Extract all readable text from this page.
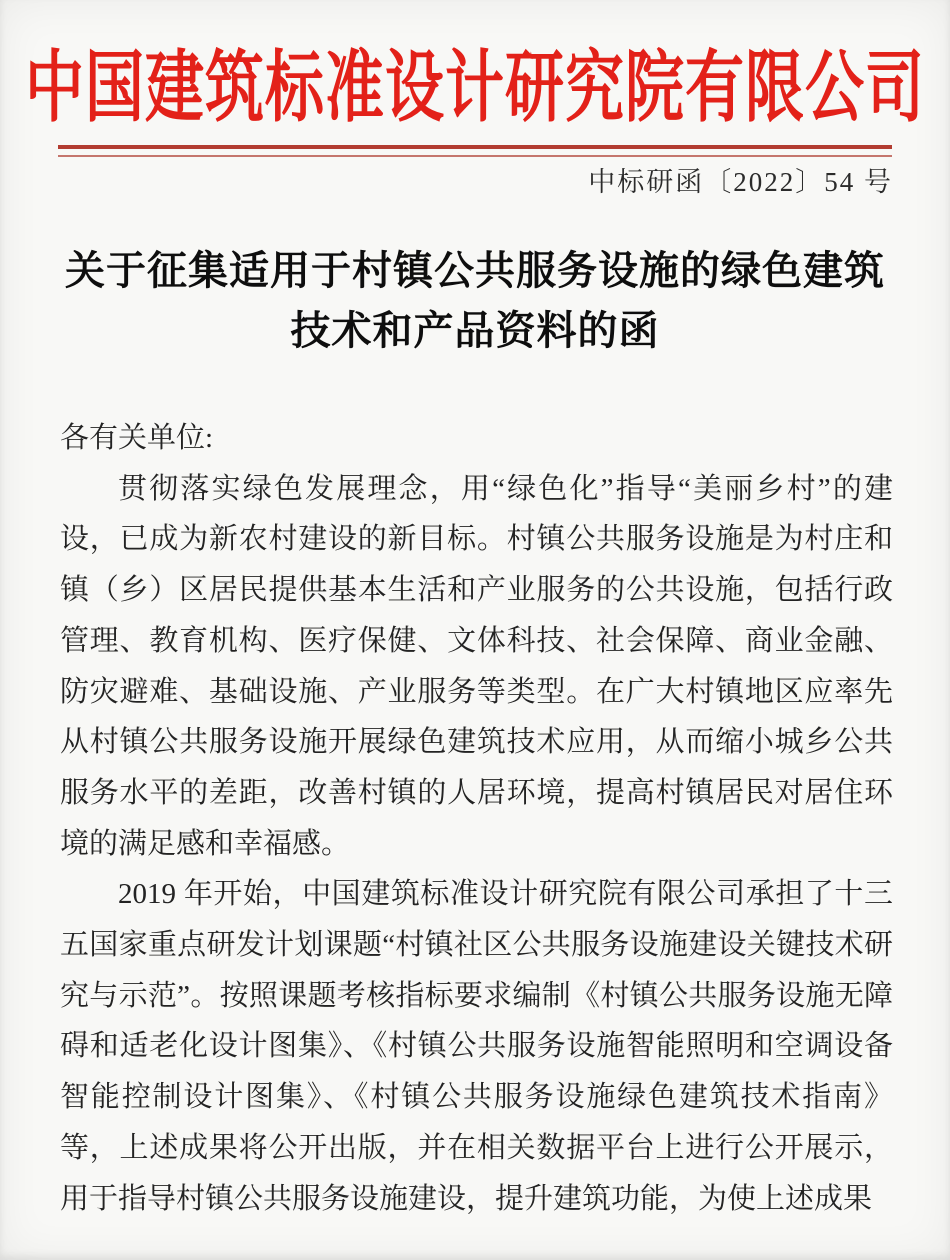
中国建筑标准设计研究院有限公司
中标研函〔2022〕54 号
关于征集适用于村镇公共服务设施的绿色建筑
技术和产品资料的函

各有关单位:

贯彻落实绿色发展理念，用“绿色化”指导“美丽乡村”的建设，已成为新农村建设的新目标。村镇公共服务设施是为村庄和镇（乡）区居民提供基本生活和产业服务的公共设施，包括行政管理、教育机构、医疗保健、文体科技、社会保障、商业金融、防灾避难、基础设施、产业服务等类型。在广大村镇地区应率先从村镇公共服务设施开展绿色建筑技术应用，从而缩小城乡公共服务水平的差距，改善村镇的人居环境，提高村镇居民对居住环境的满足感和幸福感。

2019 年开始，中国建筑标准设计研究院有限公司承担了十三五国家重点研发计划课题“村镇社区公共服务设施建设关键技术研究与示范”。按照课题考核指标要求编制《村镇公共服务设施无障碍和适老化设计图集》、《村镇公共服务设施智能照明和空调设备智能控制设计图集》、《村镇公共服务设施绿色建筑技术指南》等，上述成果将公开出版，并在相关数据平台上进行公开展示，用于指导村镇公共服务设施建设，提升建筑功能，为使上述成果
